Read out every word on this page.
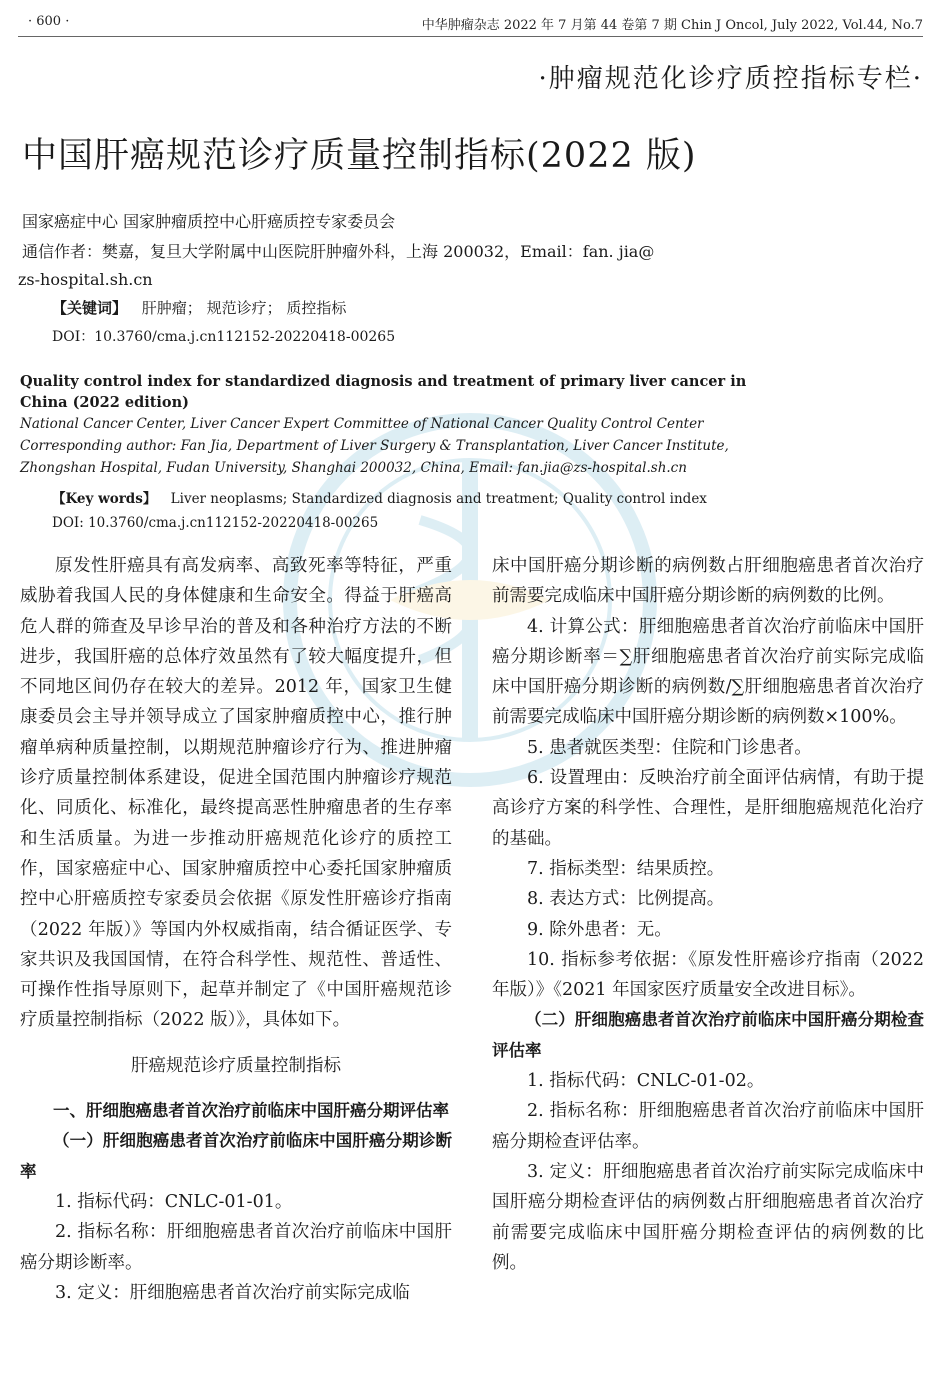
· 600 ·	中华肿瘤杂志 2022 年 7 月第 44 卷第 7 期 Chin J Oncol, July 2022, Vol.44, No.7
·肿瘤规范化诊疗质控指标专栏·
中国肝癌规范诊疗质量控制指标(2022 版)
国家癌症中心 国家肿瘤质控中心肝癌质控专家委员会
通信作者：樊嘉，复旦大学附属中山医院肝肿瘤外科，上海 200032，Email：fan. jia@
zs-hospital.sh.cn
【关键词】 肝肿瘤； 规范诊疗； 质控指标
DOI：10.3760/cma.j.cn112152-20220418-00265
Quality control index for standardized diagnosis and treatment of primary liver cancer in China (2022 edition)
National Cancer Center, Liver Cancer Expert Committee of National Cancer Quality Control Center
Corresponding author: Fan Jia, Department of Liver Surgery & Transplantation, Liver Cancer Institute,
Zhongshan Hospital, Fudan University, Shanghai 200032, China, Email: fan.jia@zs-hospital.sh.cn
【Key words】 Liver neoplasms; Standardized diagnosis and treatment; Quality control index
DOI: 10.3760/cma.j.cn112152-20220418-00265

原发性肝癌具有高发病率、高致死率等特征，严重威胁着我国人民的身体健康和生命安全。得益于肝癌高危人群的筛查及早诊早治的普及和各种治疗方法的不断进步，我国肝癌的总体疗效虽然有了较大幅度提升，但不同地区间仍存在较大的差异。2012 年，国家卫生健康委员会主导并领导成立了国家肿瘤质控中心，推行肿瘤单病种质量控制，以期规范肿瘤诊疗行为、推进肿瘤诊疗质量控制体系建设，促进全国范围内肿瘤诊疗规范化、同质化、标准化，最终提高恶性肿瘤患者的生存率和生活质量。为进一步推动肝癌规范化诊疗的质控工作，国家癌症中心、国家肿瘤质控中心委托国家肿瘤质控中心肝癌质控专家委员会依据《原发性肝癌诊疗指南（2022 年版）》等国内外权威指南，结合循证医学、专家共识及我国国情，在符合科学性、规范性、普适性、可操作性指导原则下，起草并制定了《中国肝癌规范诊疗质量控制指标（2022 版）》，具体如下。

肝癌规范诊疗质量控制指标

一、肝细胞癌患者首次治疗前临床中国肝癌分期评估率

（一）肝细胞癌患者首次治疗前临床中国肝癌分期诊断率

1. 指标代码：CNLC-01-01。

2. 指标名称：肝细胞癌患者首次治疗前临床中国肝癌分期诊断率。

3. 定义：肝细胞癌患者首次治疗前实际完成临

床中国肝癌分期诊断的病例数占肝细胞癌患者首次治疗前需要完成临床中国肝癌分期诊断的病例数的比例。

4. 计算公式：肝细胞癌患者首次治疗前临床中国肝癌分期诊断率＝∑肝细胞癌患者首次治疗前实际完成临床中国肝癌分期诊断的病例数/∑肝细胞癌患者首次治疗前需要完成临床中国肝癌分期诊断的病例数×100%。

5. 患者就医类型：住院和门诊患者。

6. 设置理由：反映治疗前全面评估病情，有助于提高诊疗方案的科学性、合理性，是肝细胞癌规范化治疗的基础。

7. 指标类型：结果质控。

8. 表达方式：比例提高。

9. 除外患者：无。

10. 指标参考依据：《原发性肝癌诊疗指南（2022 年版）》《2021 年国家医疗质量安全改进目标》。

（二）肝细胞癌患者首次治疗前临床中国肝癌分期检查评估率

1. 指标代码：CNLC-01-02。

2. 指标名称：肝细胞癌患者首次治疗前临床中国肝癌分期检查评估率。

3. 定义：肝细胞癌患者首次治疗前实际完成临床中国肝癌分期检查评估的病例数占肝细胞癌患者首次治疗前需要完成临床中国肝癌分期检查评估的病例数的比例。
